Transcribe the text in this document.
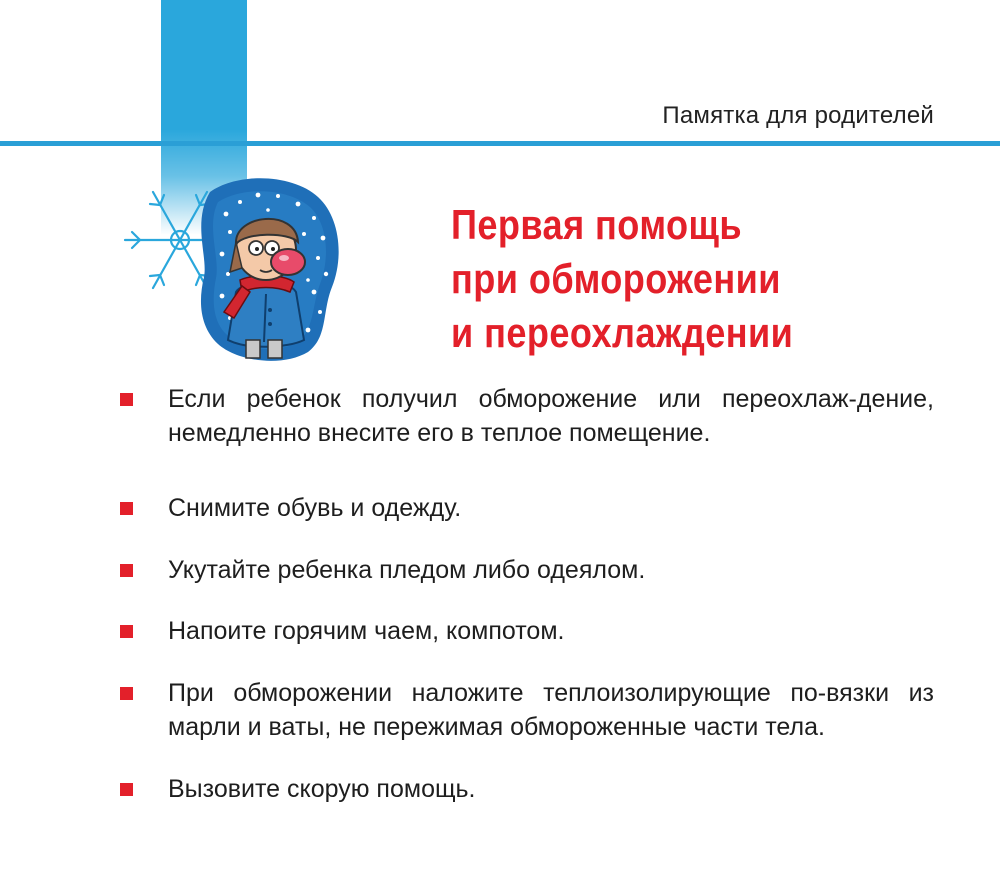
Памятка для родителей
Первая помощь
при обморожении
и переохлаждении
Если ребенок получил обморожение или переохлаж-дение, немедленно внесите его в теплое помещение.
Снимите обувь и одежду.
Укутайте ребенка пледом либо одеялом.
Напоите горячим чаем, компотом.
При обморожении наложите теплоизолирующие по-вязки из марли и ваты, не пережимая обмороженные части тела.
Вызовите скорую помощь.
